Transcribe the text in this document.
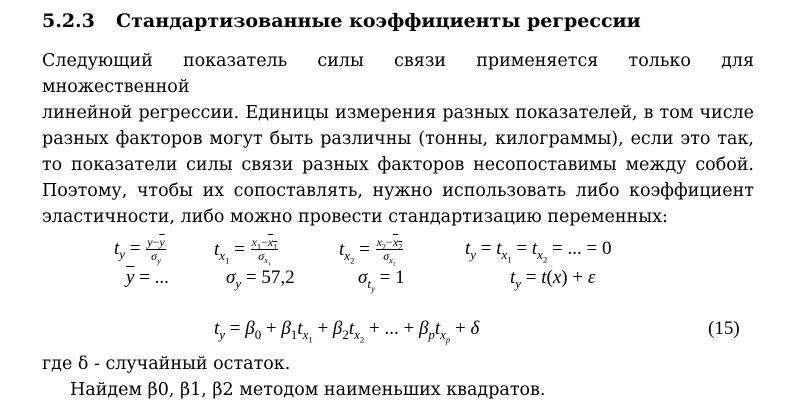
5.2.3 Стандартизованные коэффициенты регрессии
Следующий показатель силы связи применяется только для множественной
линейной регрессии. Единицы измерения разных показателей, в том числе
разных факторов могут быть различны (тонны, килограммы), если это так,
то показатели силы связи разных факторов несопоставимы между собой.
Поэтому, чтобы их сопоставлять, нужно использовать либо коэффициент
эластичности, либо можно провести стандартизацию переменных:
$t_y = \frac{y-\overline{y}}{\sigma_y}$	$t_{x_1} = \frac{x_1-\overline{x}_1}{\sigma_{x_1}}$	$t_{x_2} = \frac{x_2-\overline{x}_2}{\sigma_{x_2}}$	$t_y = t_{x_1} = t_{x_2}$ = ... = 0
$\overline{y}$ = ...	$\sigma_y = 57,2$	$\sigma_{t_y} = 1$	$t_y = t(x) + \varepsilon$
$t_y = \beta_0 + \beta_1t_{x_1} + \beta_2t_{x_2}$ + ... + $\beta_pt_{x_p} + \delta$	(15)
где δ - случайный остаток.
Найдем β0, β1, β2 методом наименьших квадратов.
